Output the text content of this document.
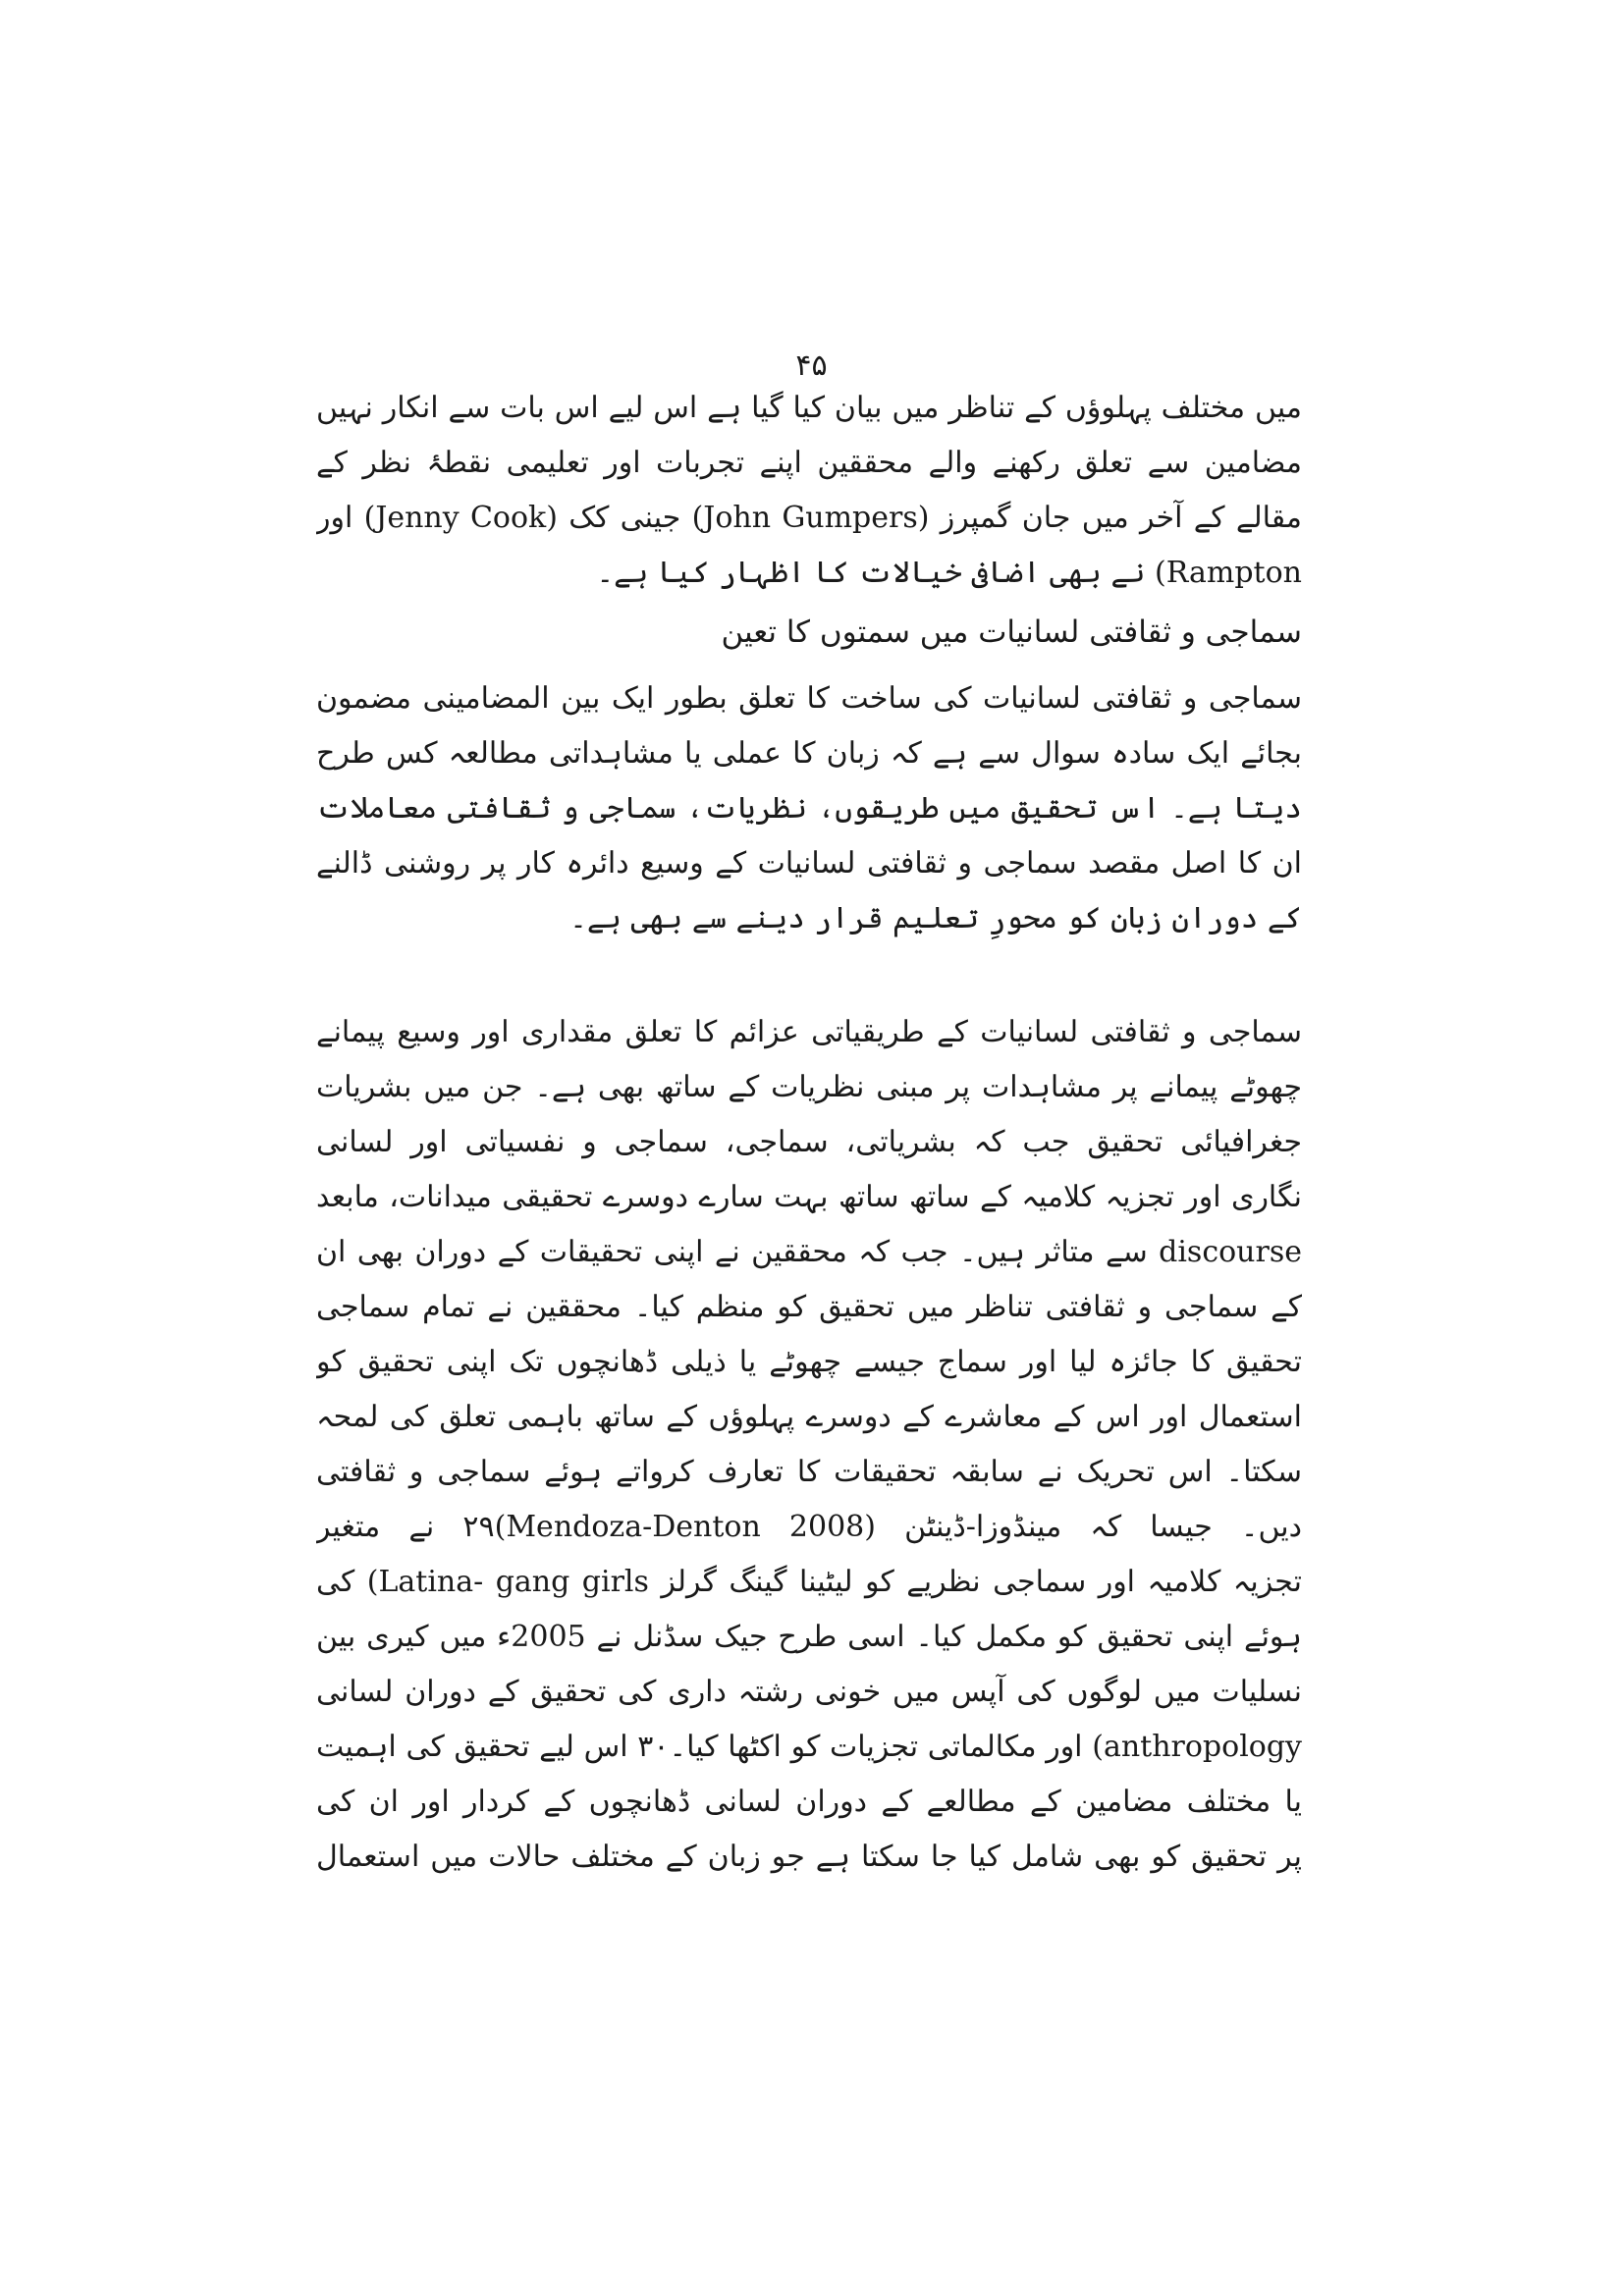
۴۵
میں مختلف پہلوؤں کے تناظر میں بیان کیا گیا ہے اس لیے اس بات سے انکار نہیں
مضامین سے تعلق رکھنے والے محققین اپنے تجربات اور تعلیمی نقطۂ نظر کے
مقالے کے آخر میں جان گمپرز (John Gumpers) جینی کک (Jenny Cook) اور
Rampton) نے بھی اضافی خیالات کا اظہار کیا ہے۔

سماجی و ثقافتی لسانیات میں سمتوں کا تعین

سماجی و ثقافتی لسانیات کی ساخت کا تعلق بطور ایک بین المضامینی مضمون
بجائے ایک سادہ سوال سے ہے کہ زبان کا عملی یا مشاہداتی مطالعہ کس طرح
دیتا ہے۔ اس تحقیق میں طریقوں، نظریات، سماجی و ثقافتی معاملات
ان کا اصل مقصد سماجی و ثقافتی لسانیات کے وسیع دائرہ کار پر روشنی ڈالنے
کے دوران زبان کو محورِ تعلیم قرار دینے سے بھی ہے۔
سماجی و ثقافتی لسانیات کے طریقیاتی عزائم کا تعلق مقداری اور وسیع پیمانے
چھوٹے پیمانے پر مشاہدات پر مبنی نظریات کے ساتھ بھی ہے۔ جن میں بشریات
جغرافیائی تحقیق جب کہ بشریاتی، سماجی، سماجی و نفسیاتی اور لسانی
نگاری اور تجزیہ کلامیہ کے ساتھ ساتھ بہت سارے دوسرے تحقیقی میدانات، مابعد
discourse سے متاثر ہیں۔ جب کہ محققین نے اپنی تحقیقات کے دوران بھی ان
کے سماجی و ثقافتی تناظر میں تحقیق کو منظم کیا۔ محققین نے تمام سماجی
تحقیق کا جائزہ لیا اور سماج جیسے چھوٹے یا ذیلی ڈھانچوں تک اپنی تحقیق کو
استعمال اور اس کے معاشرے کے دوسرے پہلوؤں کے ساتھ باہمی تعلق کی لمحہ
سکتا۔ اس تحریک نے سابقہ تحقیقات کا تعارف کرواتے ہوئے سماجی و ثقافتی
دیں۔ جیسا کہ مینڈوزا-ڈینٹن (Mendoza-Denton 2008)۲۹ نے متغیر
تجزیہ کلامیہ اور سماجی نظریے کو لیٹینا گینگ گرلز Latina- gang girls) کی
ہوئے اپنی تحقیق کو مکمل کیا۔ اسی طرح جیک سڈنل نے 2005ء میں کیری بین
نسلیات میں لوگوں کی آپس میں خونی رشتہ داری کی تحقیق کے دوران لسانی
anthropology) اور مکالماتی تجزیات کو اکٹھا کیا۔۳۰ اس لیے تحقیق کی اہمیت
یا مختلف مضامین کے مطالعے کے دوران لسانی ڈھانچوں کے کردار اور ان کی
پر تحقیق کو بھی شامل کیا جا سکتا ہے جو زبان کے مختلف حالات میں استعمال
